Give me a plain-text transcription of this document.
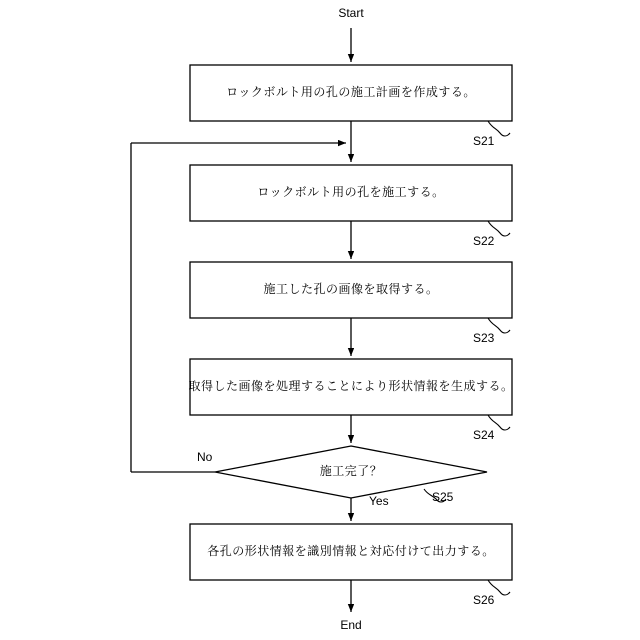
Start
End
ロックボルト用の孔の施工計画を作成する。
ロックボルト用の孔を施工する。
施工した孔の画像を取得する。
取得した画像を処理することにより形状情報を生成する。
施工完了？
各孔の形状情報を識別情報と対応付けて出力する。
S21
S22
S23
S24
S25
S26
No
Yes
